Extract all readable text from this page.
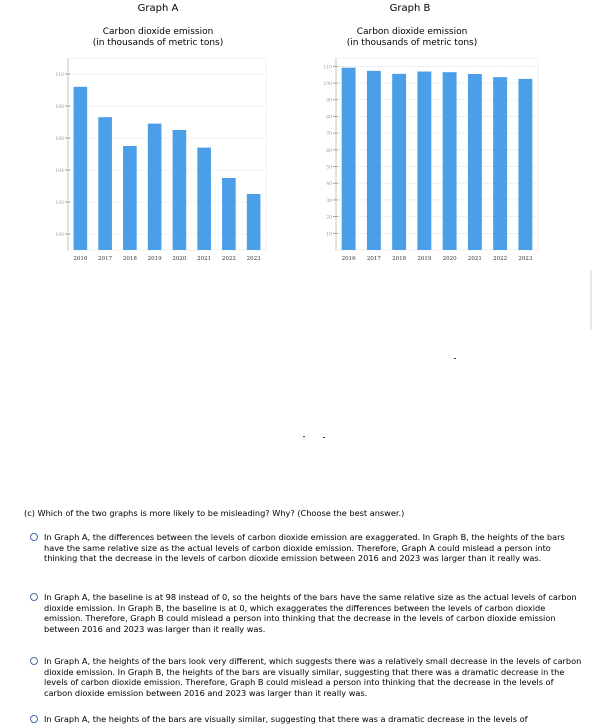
Graph A
Carbon dioxide emission
(in thousands of metric tons)
100
102
104
106
108
110
2016 2017 2018 2019 2020 2021 2022 2023
Graph B
Carbon dioxide emission
(in thousands of metric tons)
10
20
30
40
50
60
70
80
90
100
110
2016 2017 2018 2019 2020 2021 2022 2023
(c) Which of the two graphs is more likely to be misleading? Why? (Choose the best answer.)
In Graph A, the differences between the levels of carbon dioxide emission are exaggerated. In Graph B, the heights of the bars have the same relative size as the actual levels of carbon dioxide emission. Therefore, Graph A could mislead a person into thinking that the decrease in the levels of carbon dioxide emission between 2016 and 2023 was larger than it really was.
In Graph A, the baseline is at 98 instead of 0, so the heights of the bars have the same relative size as the actual levels of carbon dioxide emission. In Graph B, the baseline is at 0, which exaggerates the differences between the levels of carbon dioxide emission. Therefore, Graph B could mislead a person into thinking that the decrease in the levels of carbon dioxide emission between 2016 and 2023 was larger than it really was.
In Graph A, the heights of the bars look very different, which suggests there was a relatively small decrease in the levels of carbon dioxide emission. In Graph B, the heights of the bars are visually similar, suggesting that there was a dramatic decrease in the levels of carbon dioxide emission. Therefore, Graph B could mislead a person into thinking that the decrease in the levels of carbon dioxide emission between 2016 and 2023 was larger than it really was.
In Graph A, the heights of the bars are visually similar, suggesting that there was a dramatic decrease in the levels of
